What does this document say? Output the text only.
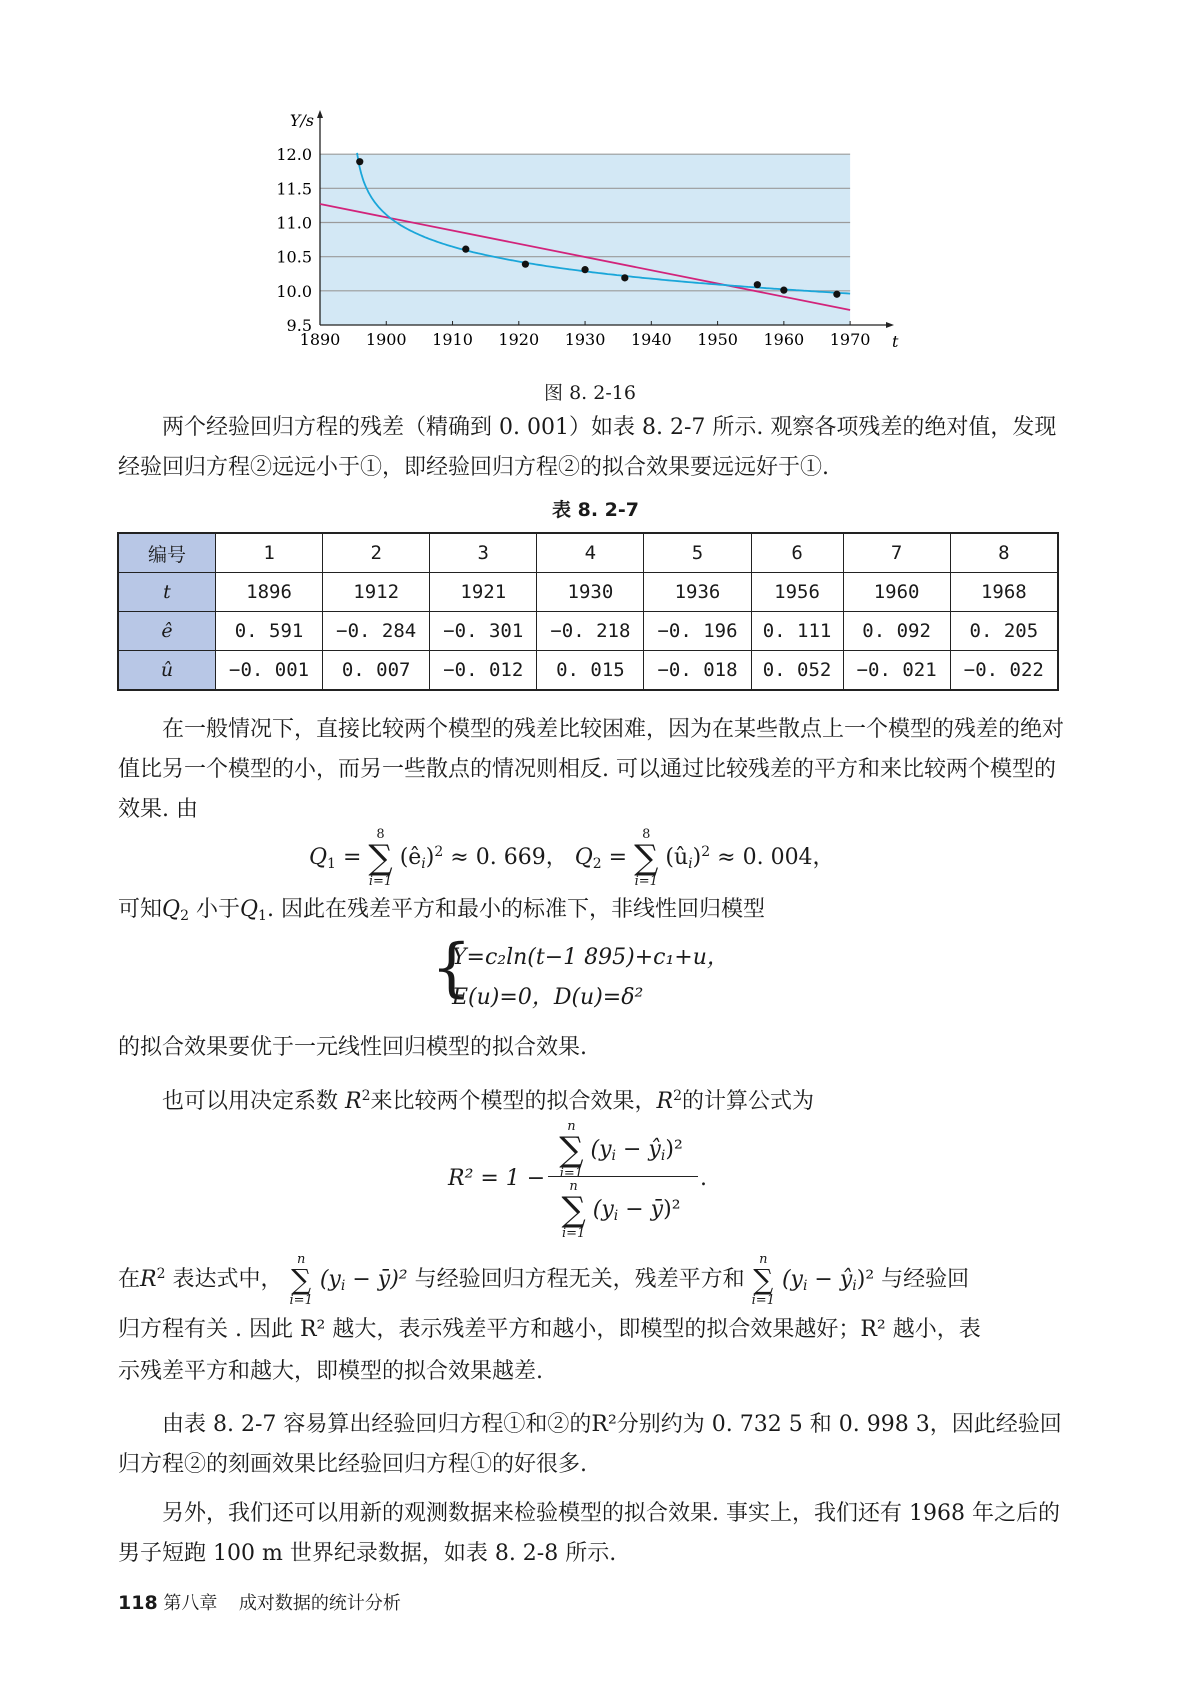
Y/s
t
9.5
10.0
10.5
11.0
11.5
12.0
1890 1900 1910 1920 1930 1940 1950 1960 1970
图 8. 2-16

两个经验回归方程的残差（精确到 0. 001）如表 8. 2-7 所示. 观察各项残差的绝对值，发现经验回归方程②远远小于①，即经验回归方程②的拟合效果要远远好于①.

表 8. 2-7
编号	1	2	3	4	5	6	7	8
t	1896	1912	1921	1930	1936	1956	1960	1968
ê	0. 591	−0. 284	−0. 301	−0. 218	−0. 196	0. 111	0. 092	0. 205
û	−0. 001	0. 007	−0. 012	0. 015	−0. 018	0. 052	−0. 021	−0. 022

在一般情况下，直接比较两个模型的残差比较困难，因为在某些散点上一个模型的残差的绝对值比另一个模型的小，而另一些散点的情况则相反. 可以通过比较残差的平方和来比较两个模型的效果. 由

$Q_1$ =
8
∑
i=1
$(ê_i)^2 \approx 0$. 669， $Q_2$ =
8
∑
i=1
$(û_i)^2 \approx 0$. 004，

可知$Q_2$ 小于$Q_1$. 因此在残差平方和最小的标准下，非线性回归模型

{
Y=c₂ln(t−1 895)+c₁+u，
E(u)=0，D(u)=δ²

的拟合效果要优于一元线性回归模型的拟合效果.

也可以用决定系数 $R^2$来比较两个模型的拟合效果，$R^2$的计算公式为

R² = 1 −
n
∑
i=1
($y_i$ − $ŷ_i)^2$
n
∑
i=1
($y_i$ − ȳ)²
.
在$R^2$ 表达式中，
n
∑
i=1
($y_i$ − ȳ)² 与经验回归方程无关，残差平方和
n
∑
i=1
($y_i$ − $ŷ_i)^2$ 与经验回

归方程有关 . 因此 R² 越大，表示残差平方和越小，即模型的拟合效果越好；R² 越小，表

示残差平方和越大，即模型的拟合效果越差.

由表 8. 2-7 容易算出经验回归方程①和②的R²分别约为 0. 732 5 和 0. 998 3，因此经验回归方程②的刻画效果比经验回归方程①的好很多.

另外，我们还可以用新的观测数据来检验模型的拟合效果. 事实上，我们还有 1968 年之后的男子短跑 100 m 世界纪录数据，如表 8. 2-8 所示.

118 第八章 成对数据的统计分析
